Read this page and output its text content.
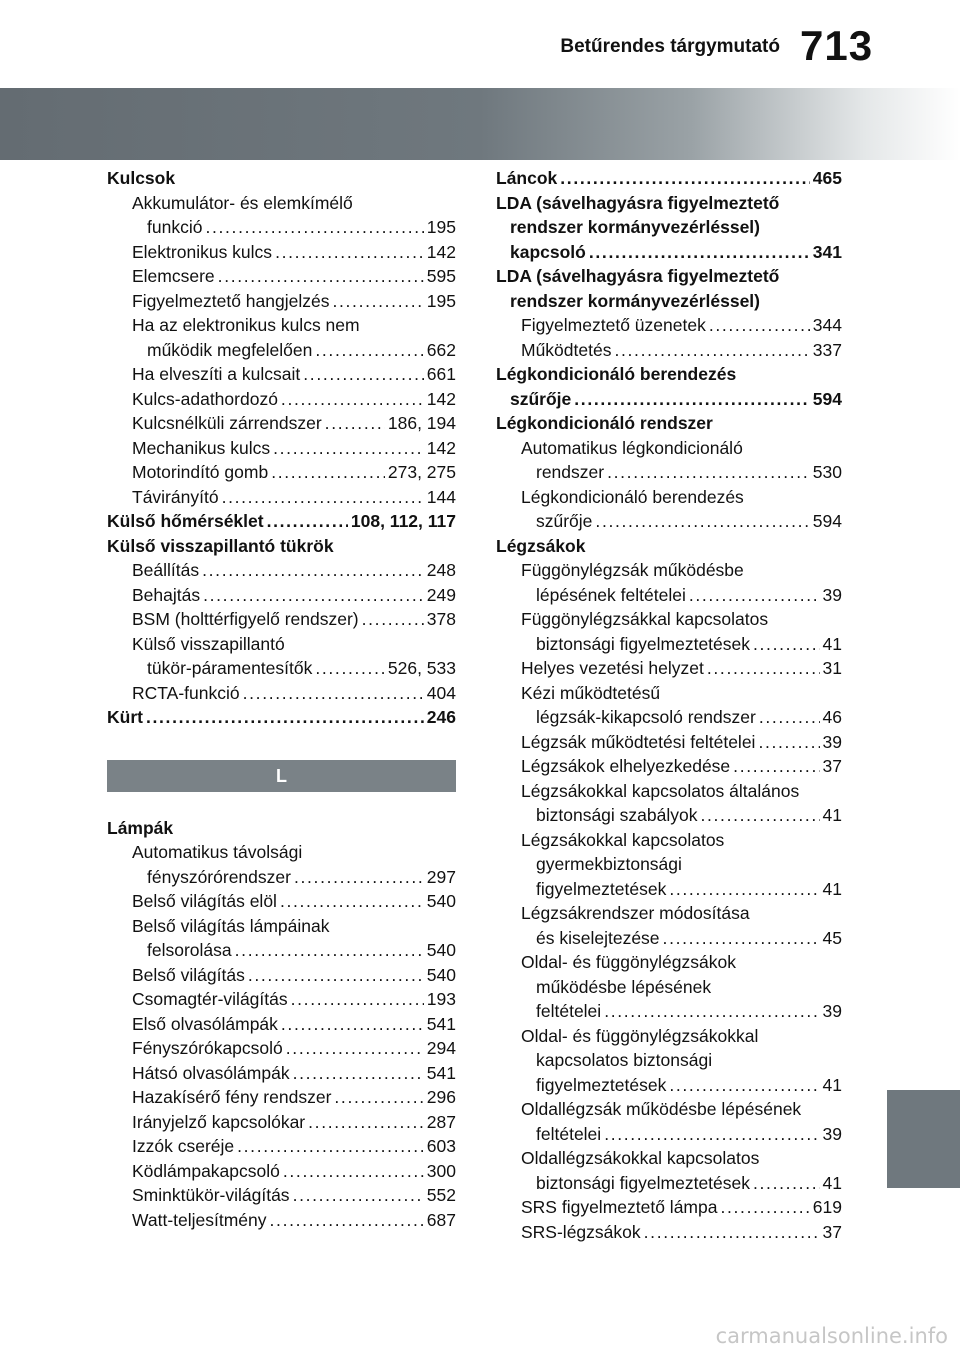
Betűrendes tárgymutató 713
Kulcsok
Akkumulátor- és elemkímélő
funkció . . .	195
Elektronikus kulcs . . .	142
Elemcsere . . .	595
Figyelmeztető hangjelzés . . .	195
Ha az elektronikus kulcs nem
működik megfelelően . . .	662
Ha elveszíti a kulcsait . . .	661
Kulcs-adathordozó . . .	142
Kulcsnélküli zárrendszer . . .	186, 194
Mechanikus kulcs . . .	142
Motorindító gomb . . .	273, 275
Távirányító . . .	144
Külső hőmérséklet . . .	108, 112, 117
Külső visszapillantó tükrök
Beállítás . . .	248
Behajtás . . .	249
BSM (holttérfigyelő rendszer) . . .	378
Külső visszapillantó
tükör-páramentesítők . . .	526, 533
RCTA-funkció . . .	404
Kürt . . .	246
L
Lámpák
Automatikus távolsági
fényszórórendszer . . .	297
Belső világítás elöl . . .	540
Belső világítás lámpáinak
felsorolása . . .	540
Belső világítás . . .	540
Csomagtér-világítás . . .	193
Első olvasólámpák . . .	541
Fényszórókapcsoló . . .	294
Hátsó olvasólámpák . . .	541
Hazakísérő fény rendszer . . .	296
Irányjelző kapcsolókar . . .	287
Izzók cseréje . . .	603
Ködlámpakapcsoló . . .	300
Sminktükör-világítás . . .	552
Watt-teljesítmény . . .	687
Láncok . . .	465
LDA (sávelhagyásra figyelmeztető
rendszer kormányvezérléssel)
kapcsoló . . .	341
LDA (sávelhagyásra figyelmeztető
rendszer kormányvezérléssel)
Figyelmeztető üzenetek . . .	344
Működtetés . . .	337
Légkondicionáló berendezés
szűrője . . .	594
Légkondicionáló rendszer
Automatikus légkondicionáló
rendszer . . .	530
Légkondicionáló berendezés
szűrője . . .	594
Légzsákok
Függönylégzsák működésbe
lépésének feltételei . . .	39
Függönylégzsákkal kapcsolatos
biztonsági figyelmeztetések . . .	41
Helyes vezetési helyzet . . .	31
Kézi működtetésű
légzsák-kikapcsoló rendszer . . .	46
Légzsák működtetési feltételei . . .	39
Légzsákok elhelyezkedése . . .	37
Légzsákokkal kapcsolatos általános
biztonsági szabályok . . .	41
Légzsákokkal kapcsolatos
gyermekbiztonsági
figyelmeztetések . . .	41
Légzsákrendszer módosítása
és kiselejtezése . . .	45
Oldal- és függönylégzsákok
működésbe lépésének
feltételei . . .	39
Oldal- és függönylégzsákokkal
kapcsolatos biztonsági
figyelmeztetések . . .	41
Oldallégzsák működésbe lépésének
feltételei . . .	39
Oldallégzsákokkal kapcsolatos
biztonsági figyelmeztetések . . .	41
SRS figyelmeztető lámpa . . .	619
SRS-légzsákok . . .	37
carmanualsonline.info
